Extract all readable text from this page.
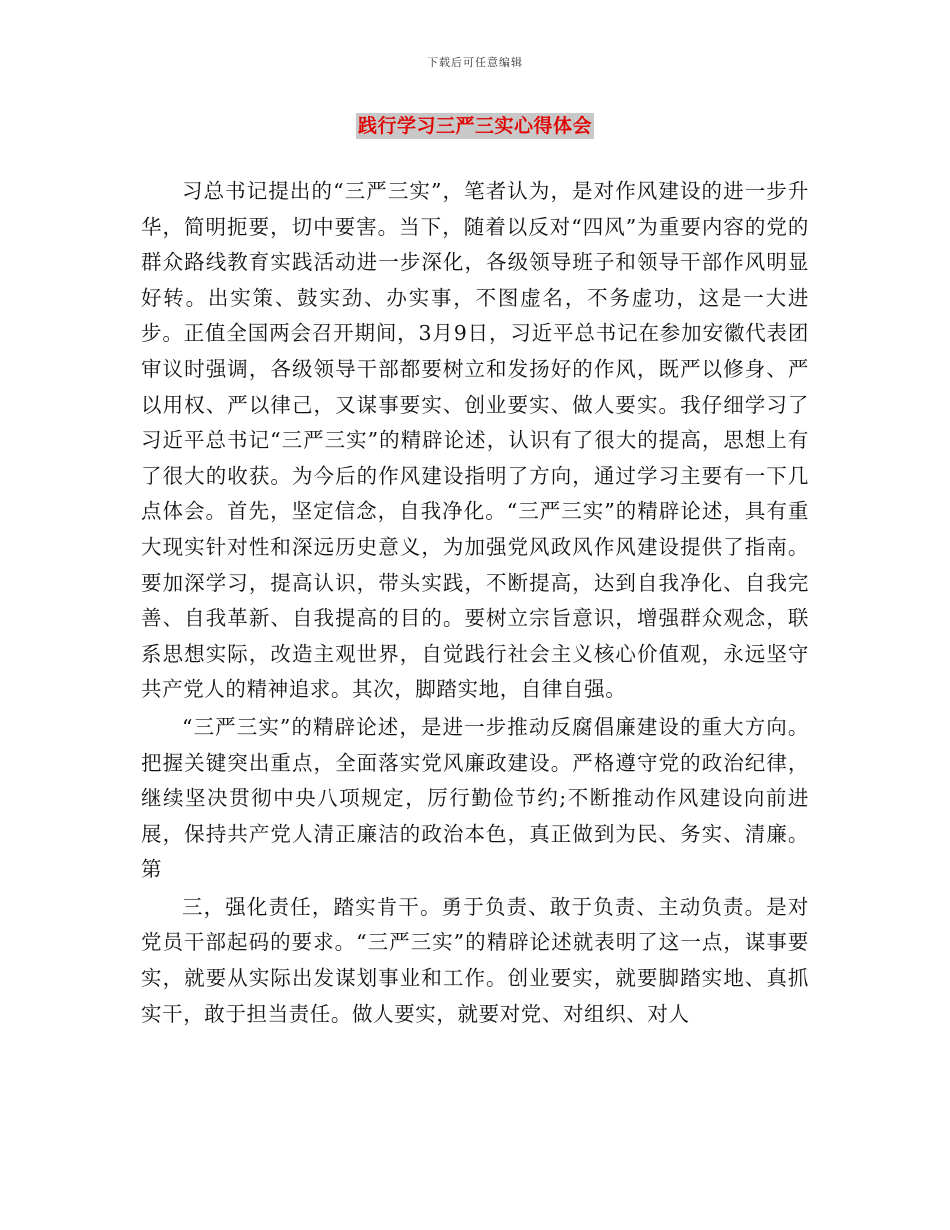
下载后可任意编辑
践行学习三严三实心得体会

习总书记提出的“三严三实”，笔者认为，是对作风建设的进一步升华，简明扼要，切中要害。当下，随着以反对“四风”为重要内容的党的群众路线教育实践活动进一步深化，各级领导班子和领导干部作风明显好转。出实策、鼓实劲、办实事，不图虚名，不务虚功，这是一大进步。正值全国两会召开期间，3月9日，习近平总书记在参加安徽代表团审议时强调，各级领导干部都要树立和发扬好的作风，既严以修身、严以用权、严以律己，又谋事要实、创业要实、做人要实。我仔细学习了习近平总书记“三严三实”的精辟论述，认识有了很大的提高，思想上有了很大的收获。为今后的作风建设指明了方向，通过学习主要有一下几点体会。首先，坚定信念，自我净化。“三严三实”的精辟论述，具有重大现实针对性和深远历史意义，为加强党风政风作风建设提供了指南。要加深学习，提高认识，带头实践，不断提高，达到自我净化、自我完善、自我革新、自我提高的目的。要树立宗旨意识，增强群众观念，联系思想实际，改造主观世界，自觉践行社会主义核心价值观，永远坚守共产党人的精神追求。其次，脚踏实地，自律自强。

“三严三实”的精辟论述，是进一步推动反腐倡廉建设的重大方向。把握关键突出重点，全面落实党风廉政建设。严格遵守党的政治纪律，继续坚决贯彻中央八项规定，厉行勤俭节约;不断推动作风建设向前进展，保持共产党人清正廉洁的政治本色，真正做到为民、务实、清廉。第

三，强化责任，踏实肯干。勇于负责、敢于负责、主动负责。是对党员干部起码的要求。“三严三实”的精辟论述就表明了这一点，谋事要实，就要从实际出发谋划事业和工作。创业要实，就要脚踏实地、真抓实干，敢于担当责任。做人要实，就要对党、对组织、对人
